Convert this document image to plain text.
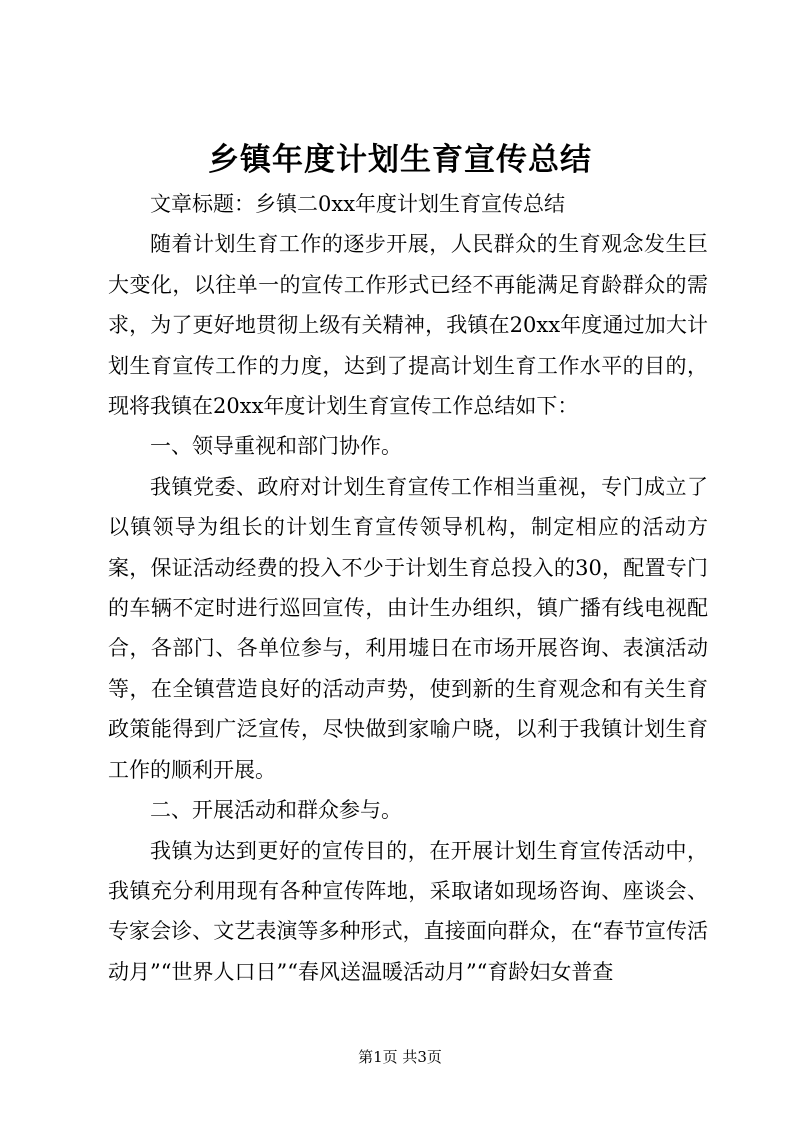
乡镇年度计划生育宣传总结

文章标题：乡镇二0xx年度计划生育宣传总结

随着计划生育工作的逐步开展，人民群众的生育观念发生巨大变化，以往单一的宣传工作形式已经不再能满足育龄群众的需求，为了更好地贯彻上级有关精神，我镇在20xx年度通过加大计划生育宣传工作的力度，达到了提高计划生育工作水平的目的，现将我镇在20xx年度计划生育宣传工作总结如下：

一、领导重视和部门协作。

我镇党委、政府对计划生育宣传工作相当重视，专门成立了以镇领导为组长的计划生育宣传领导机构，制定相应的活动方案，保证活动经费的投入不少于计划生育总投入的30，配置专门的车辆不定时进行巡回宣传，由计生办组织，镇广播有线电视配合，各部门、各单位参与，利用墟日在市场开展咨询、表演活动等，在全镇营造良好的活动声势，使到新的生育观念和有关生育政策能得到广泛宣传，尽快做到家喻户晓，以利于我镇计划生育工作的顺利开展。

二、开展活动和群众参与。

我镇为达到更好的宣传目的，在开展计划生育宣传活动中，我镇充分利用现有各种宣传阵地，采取诸如现场咨询、座谈会、专家会诊、文艺表演等多种形式，直接面向群众，在“春节宣传活动月”“世界人口日”“春风送温暖活动月”“育龄妇女普查

第1页 共3页
